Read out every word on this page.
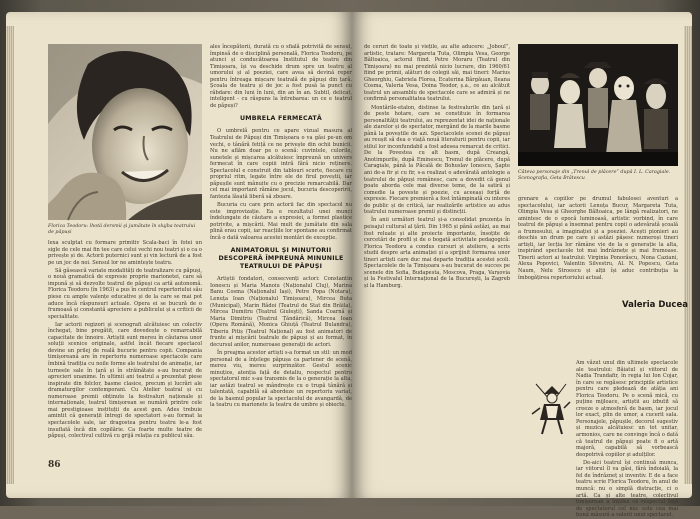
Florica Teodoru: lhotä dersmii şi jumătate în slujba teatrului de păpuși

lexa sculptat cu formare primitiv Scala-baci în fotei un sigle de cele mai fin tee care celui vechi nou teatri și o ca o privește și de. Actorii puternici sunt și vin lectură de a fost pe un joc de noi. Sensul lor ne amintește teatru.

Să găsească variate modalități de teatralizare cu păpuși, o nouă gramatică de expresie proprie marionetei, care să impună și să dezvolte teatrul de păpuși ca artă autonomă. Florica Teodoru (în 1963) a pus în centrul repertoriului său piese cu ample valențe educative și de la care se mai pot aduce încă răspunsuri actuale. Opera ei se bucură de o frumoasă și constantă apreciere a publicului și a criticii de specialitate.

Iar actorii regizori și scenografi alcătuiesc un colectiv închegat, bine pregătit, care dovedește o remarcabilă capacitate de înnoire. Artiștii sunt mereu în căutarea unor soluții scenice originale, astfel încât fiecare spectacol devine un prilej de reală bucurie pentru copii. Compania timișoreană are în repertoriu numeroase spectacole care îmbină tradiția cu noile forme ale teatrului de animație, iar turneele sale în țară și în străinătate s-au bucurat de aprecieri unanime. În ultimii ani teatrul a prezentat piese inspirate din folclor, basme clasice, precum și lucrări ale dramaturgilor contemporani. Cu Atelier teatral și cu numeroase premii obținute la festivaluri naționale și internaționale, teatrul timișorean se numără printre cele mai prestigioase instituții de acest gen. Ades trebuie amintit că generații întregi de spectatori s-au format la spectacolele sale, iar dragostea pentru teatru le-a fost insuflată încă din copilărie. Ca foarte multe teatre de păpuși, colectivul cultivă cu grijă relația cu publicul său.

ales începătorii, durată cu o sfială potrivită de sensul, împinsă de o disciplină personală, Florica Teodoru, pe atunci și conducătoarea Institutul de teatru din Timișoara, își va deschide drum spre un teatru al umorului și al poeziei, care avea să devină reper pentru întreaga mișcare teatrală de păpuși din țară. Școala de teatru și de joc a fost pusă la punct cu răbdare: din luni în luni, din an în an. Subtil, delicat, inteligent - cu răspuns la întrebarea: un ce e teatrul de păpuși?

UMBRELA FERMECATĂ

O umbrelă pentru ce apare vizual masura al Teatrului de Păpuși din Timișoara o va găsi pe-un om vechi, o tânără fetiță ce ne privește din ochii bunicii. Nu ne aflăm doar pe o scenă: cuvintele, culorile, sunetele și mișcarea alcătuiesc împreună un univers fermecat în care copiii intră fără nicio reținere. Spectacolul e construit din tablouri scurte, fiecare cu propriul ritm, legate între ele de firul poveștii, iar păpușile sunt mânuite cu o precizie remarcabilă. Dar cel mai important rămâne jocul, bucuria descoperirii, fantezia lăsată liberă să zboare.

Bucuria cu care prin actorii fac din spectacol nu este improvizație. Ea e rezultatul unei munci îndelungate de căutare a expresiei, a formei plastice potrivite, a mișcării. Mai mult de jumătate din sala plină erau copii, iar reacțiile lor spontane au confirmat încă o dată valoarea acestei montări de excepție.

ANIMATORUL ȘI MINUTORII DESCOPERĂ ÎMPREUNĂ MINUNILE TEATRULUI DE PĂPUȘI

Artiștii fondatori, consecvenți actori: Constantin Ionescu și Maria Manoiu (Naționalul Cluj), Marina Banu Cosma (Naționalul Iași), Petre Popa (Notara), Lenuța Ioan (Naționalul Timișoara), Mircea Buta (Municipal), Marin Rădoi (Teatrul de Stat din Brăila), Mircea Dumitru (Teatrul Giuleşti), Sanda Coarnă și Maria Dimitriu (Teatrul Țăndărică), Mircea Ioan (Opera Română), Monica Ghiuță (Teatrul Bulandra), Tiberiu Pitiș (Teatrul Național) au fost animatori de frunte ai mișcării teatrale de păpuși și au format, în decursul anilor, numeroase generații de actori.

În preajma acestor artiști s-a format un stil: un mod personal de a înțelege păpușa ca partener de scenă, mereu viu, mereu surprinzător. Gestul scenic minuțios, atenția față de detaliu, respectul pentru spectatorul mic s-au transmis de la o generație la alta, iar astăzi teatrul se mândrește cu o trupă tânără și talentată, capabilă să abordeze un repertoriu variat, de la basmul popular la spectacolul de avangardă, de la teatru cu marionete la teatru de umbre și obiecte.

86

de ceruri de toate și viețile, au alte aducere: „Joboul”, artistic, tratare: Margareta Tuta, Olimpia Vesa, George Băltoaica, actorul fiind. Petre Moraru (Teatrul din Timișoara) nu mai prezintă nicio lucrare, din 1960/61 fiind pe primii, alături de colegii săi, mai tineri: Marius Gheorghiu, Gabriela Florea, Ecaterina Bârgăuan, Ileana Cosma, Valeria Vesa, Doina Teodor, ș.a., ce au alcătuit teatrul un ansamblu de spectacole care se admiră și ne confirmă personalitatea teatrului.

Montările-etalon, distinse la festivalurile din țară și de peste hotare, care se constituie în formarea personalității teatrului, au reprezentat idei de naționale ale ziarelor și de spectator, mergând de la marile basme până la poveștile de azi. Spectacolele scenei de păpuși au reușit să dea o viață nouă literaturii pentru copii, iar stilul lor inconfundabil a fost adesea remarcat de critici. De la Povestea cu alt basm, după Creangă, Anotimpurile, după Eminescu, Trenul de plăcere, după Caragiale, până la Păcală de Bohuslav Ionescu, Șapte ani de-a fir și cu fir, s-a realizat o adevărată antologie a teatrului de păpuși românesc, care a dovedit că genul poate aborda cele mai diverse teme, de la satiră și comedie la poveste și poezie, cu aceeași forță de expresie. Fiecare premieră a fost întâmpinată cu interes de public și de critică, iar realizările artistice au adus teatrului numeroase premii și distincții.

În anii următori teatrul și-a consolidat prezența în peisajul cultural al țării. Din 1965 și până astăzi, au mai fost reluate și alte proiecte importante, însoțite de cercetări de profil și de o bogată activitate pedagogică: Florica Teodoru a condus cursuri și ateliere, a scris studii despre arta animației și a sprijinit formarea unor tineri artiști care duc mai departe tradiția acestei școli. Spectacolele de la Timișoara s-au bucurat de succes pe scenele din Sofia, Budapesta, Moscova, Praga, Varșovia și la Festivalul Internațional de la București, la Zagreb și la Hamburg.

Câteva personaje din „Trenul de plăcere” după I. L. Caragiale. Scenografia, Geta Brătescu

grenare a copiilor pe drumul fabulosei aventuri a spectacolului, iar actorii Lenuța Bucur, Margareta Tuta, Olimpia Vesa și Gheorghe Băltoaica, pe lângă realizatori, ne amintesc de o epocă luminoasă, artistic vorbind, în care teatrul de păpuși a însemnat pentru copii o adevărată școală a frumosului, a imaginației și a poeziei. Acești pionieri au deschis un drum pe care și astăzi pășesc numeroși tineri artiști, iar lecția lor rămâne vie de la o generație la alta, inspirând spectacole tot mai îndrăznețe și mai frumoase. Tinerii actori ai teatrului: Virginia Ponorăscu, Nona Caziani, Alexa Popovici, Valentin Silvestru, Al. N. Popescu, Geta Naum, Nelu Stroescu și alții își aduc contribuția la îmbogățirea repertoriului actual.

Valeria Ducea

Am văzut unul din ultimele spectacole ale teatrului: Băiatul și viitorul de Nadia Trandafir, în regia lui Ion Cojar, în care se regăsesc principiile artistice pentru care pledează de atâția ani Florica Teodoru. Pe o scenă mică, cu puține mijloace, artiștii au izbutit să creeze o atmosferă de basm, iar jocul lor exact, plin de umor, a cucerit sala. Personajele, păpușile, decorul sugestiv și muzica alcătuiesc un tot unitar, armonios, care ne convinge încă o dată că teatrul de păpuși poate fi o artă majoră, capabilă să vorbească deopotrivă copiilor și adulților.

De-aici teatrul își continuă munca, iar viitorul îl va găsi, fără îndoială, la fel de îndrăzneț și inventiv. E de a face teatru scrie Florica Teodoru, în anul de muncă: nu o simplă distracție, ci o artă. Ca și alte teatre, colectivul timișorean a înțeles că respectul față de spectatorul cel mic este cea mai bună măsură a valorii unui spectacol.
